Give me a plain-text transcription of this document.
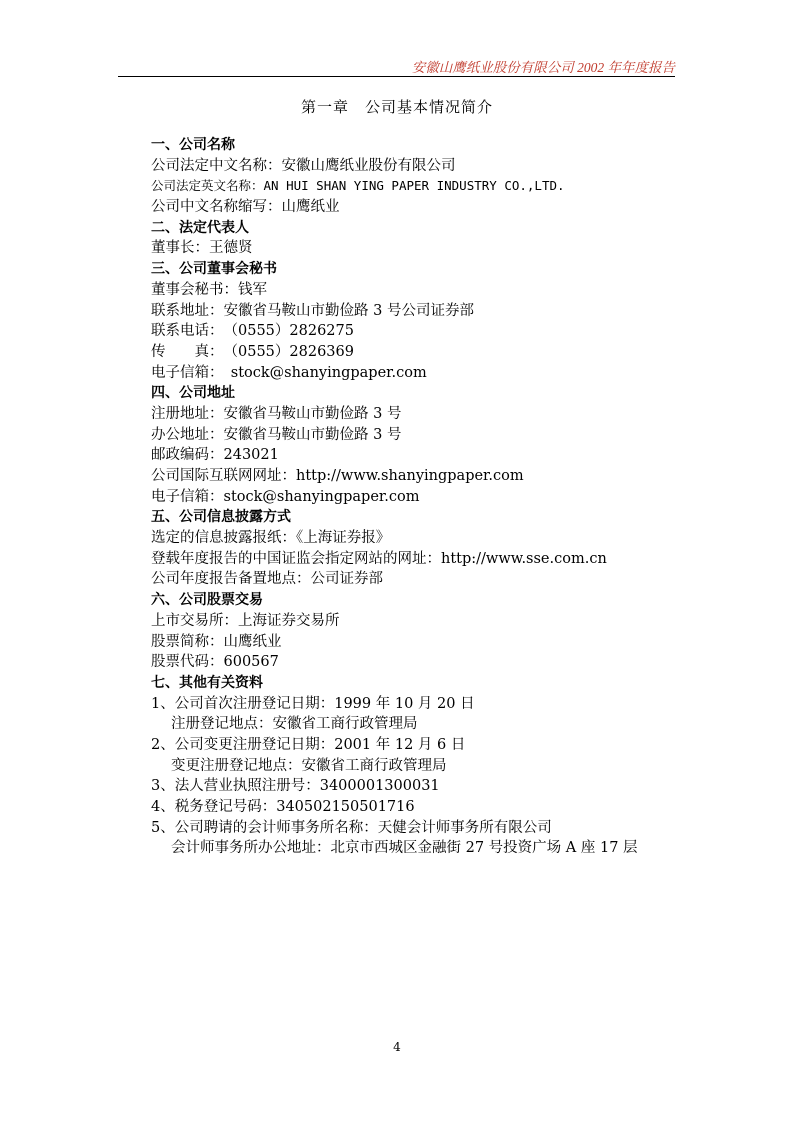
安徽山鹰纸业股份有限公司 2002 年年度报告
第一章　公司基本情况简介
一、公司名称
公司法定中文名称：安徽山鹰纸业股份有限公司
公司法定英文名称：AN HUI SHAN YING PAPER INDUSTRY CO.,LTD.
公司中文名称缩写：山鹰纸业
二、法定代表人
董事长：王德贤
三、公司董事会秘书
董事会秘书：钱军
联系地址：安徽省马鞍山市勤俭路 3 号公司证券部
联系电话：　（0555）2826275
传　　真：　（0555）2826369
电子信箱：　stock@shanyingpaper.com
四、公司地址
注册地址：安徽省马鞍山市勤俭路 3 号
办公地址：安徽省马鞍山市勤俭路 3 号
邮政编码：243021
公司国际互联网网址：http://www.shanyingpaper.com
电子信箱：stock@shanyingpaper.com
五、公司信息披露方式
选定的信息披露报纸：《上海证券报》
登载年度报告的中国证监会指定网站的网址：http://www.sse.com.cn
公司年度报告备置地点：公司证券部
六、公司股票交易
上市交易所：上海证券交易所
股票简称：山鹰纸业
股票代码：600567
七、其他有关资料
1、公司首次注册登记日期：1999 年 10 月 20 日
注册登记地点：安徽省工商行政管理局
2、公司变更注册登记日期：2001 年 12 月 6 日
变更注册登记地点：安徽省工商行政管理局
3、法人营业执照注册号：3400001300031
4、税务登记号码：340502150501716
5、公司聘请的会计师事务所名称：天健会计师事务所有限公司
会计师事务所办公地址：北京市西城区金融街 27 号投资广场 A 座 17 层
4
